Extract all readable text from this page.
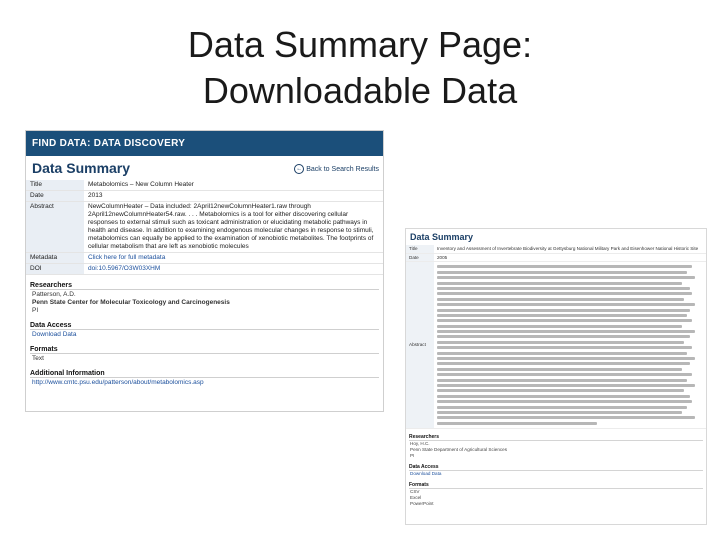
Data Summary Page:
Downloadable Data
FIND DATA: DATA DISCOVERY
Data Summary	← Back to Search Results
Title	Metabolomics – New Column Heater
Date	2013
Abstract	NewColumnHeater – Data included: 2April12newColumnHeater1.raw through 2April12newColumnHeater54.raw. . . . Metabolomics is a tool for either discovering cellular responses to external stimuli such as toxicant administration or elucidating metabolic pathways in health and disease. In addition to examining endogenous molecular changes in response to stimuli, metabolomics can equally be applied to the examination of xenobiotic metabolites. The footprints of cellular metabolism that are left as xenobiotic molecules
Metadata	Click here for full metadata
DOI	doi:10.5967/O3W03XHM
Researchers
Patterson, A.D.
Penn State Center for Molecular Toxicology and Carcinogenesis
PI
Data Access
Download Data
Formats
Text
Additional Information
http://www.cmtc.psu.edu/patterson/about/metabolomics.asp
Data Summary
Title	Inventory and Assessment of Invertebrate Biodiversity at Gettysburg National Military Park and Eisenhower National Historic Site
Date	2005
Abstract
Researchers
Hoy, H.C.
Penn State Department of Agricultural Sciences
PI
Data Access
Download Data
Formats
CSV
Excel
PowerPoint
